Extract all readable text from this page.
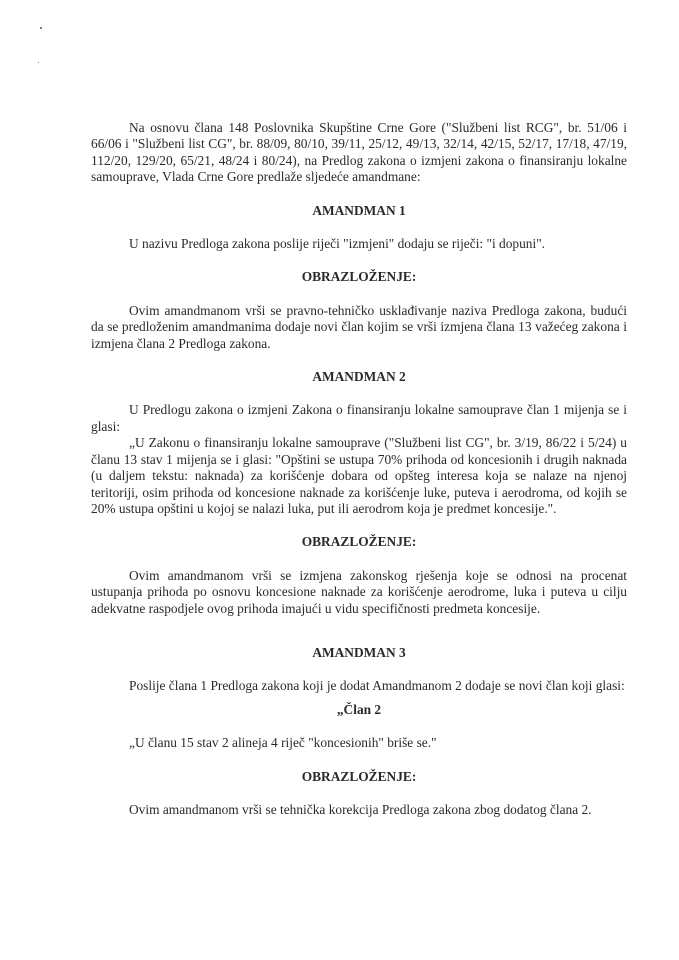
Na osnovu člana 148 Poslovnika Skupštine Crne Gore ("Službeni list RCG", br. 51/06 i 66/06 i "Službeni list CG", br. 88/09, 80/10, 39/11, 25/12, 49/13, 32/14, 42/15, 52/17, 17/18, 47/19, 112/20, 129/20, 65/21, 48/24 i 80/24), na Predlog zakona o izmjeni zakona o finansiranju lokalne samouprave, Vlada Crne Gore predlaže sljedeće amandmane:

AMANDMAN 1

U nazivu Predloga zakona poslije riječi "izmjeni" dodaju se riječi: "i dopuni".

OBRAZLOŽENJE:

Ovim amandmanom vrši se pravno-tehničko usklađivanje naziva Predloga zakona, budući da se predloženim amandmanima dodaje novi član kojim se vrši izmjena člana 13 važećeg zakona i izmjena člana 2 Predloga zakona.

AMANDMAN 2

U Predlogu zakona o izmjeni Zakona o finansiranju lokalne samouprave član 1 mijenja se i glasi:

„U Zakonu o finansiranju lokalne samouprave ("Službeni list CG", br. 3/19, 86/22 i 5/24) u članu 13 stav 1 mijenja se i glasi: "Opštini se ustupa 70% prihoda od koncesionih i drugih naknada (u daljem tekstu: naknada) za korišćenje dobara od opšteg interesa koja se nalaze na njenoj teritoriji, osim prihoda od koncesione naknade za korišćenje luke, puteva i aerodroma, od kojih se 20% ustupa opštini u kojoj se nalazi luka, put ili aerodrom koja je predmet koncesije.".

OBRAZLOŽENJE:

Ovim amandmanom vrši se izmjena zakonskog rješenja koje se odnosi na procenat ustupanja prihoda po osnovu koncesione naknade za korišćenje aerodrome, luka i puteva u cilju adekvatne raspodjele ovog prihoda imajući u vidu specifičnosti predmeta koncesije.

AMANDMAN 3

Poslije člana 1 Predloga zakona koji je dodat Amandmanom 2 dodaje se novi član koji glasi:

„Član 2

„U članu 15 stav 2 alineja 4 riječ "koncesionih" briše se."

OBRAZLOŽENJE:

Ovim amandmanom vrši se tehnička korekcija Predloga zakona zbog dodatog člana 2.
